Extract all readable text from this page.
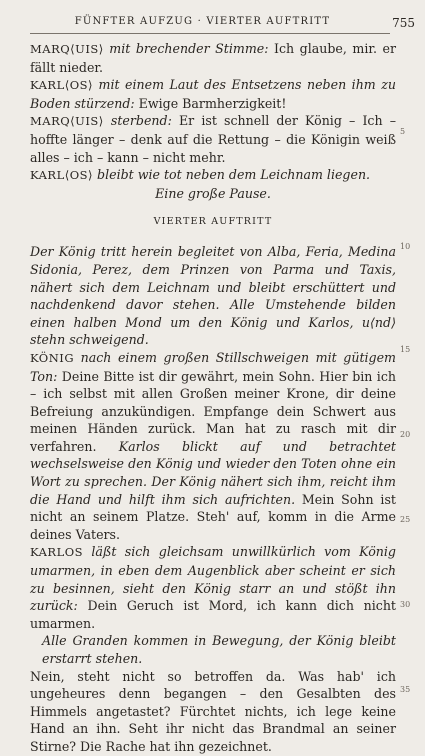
FÜNFTER AUFZUG · VIERTER AUFTRITT	755

MARQ⟨UIS⟩ mit brechender Stimme: Ich glaube, mir. er fällt nieder.

KARL⟨OS⟩ mit einem Laut des Entsetzens neben ihm zu Boden stürzend: Ewige Barmherzigkeit!

MARQ⟨UIS⟩ sterbend: Er ist schnell der König – Ich – hoffte länger – denk auf die Rettung – die Königin weiß alles – ich – kann – nicht mehr.

KARL⟨OS⟩ bleibt wie tot neben dem Leichnam liegen.

Eine große Pause.

VIERTER AUFTRITT

Der König tritt herein begleitet von Alba, Feria, Medina Sidonia, Perez, dem Prinzen von Parma und Taxis, nähert sich dem Leichnam und bleibt erschüttert und nachdenkend davor stehen. Alle Umstehende bilden einen halben Mond um den König und Karlos, u⟨nd⟩ stehn schweigend.

KÖNIG nach einem großen Stillschweigen mit gütigem Ton: Deine Bitte ist dir gewährt, mein Sohn. Hier bin ich – ich selbst mit allen Großen meiner Krone, dir deine Befreiung anzukündigen. Empfange dein Schwert aus meinen Händen zurück. Man hat zu rasch mit dir verfahren. Karlos blickt auf und betrachtet wechselsweise den König und wieder den Toten ohne ein Wort zu sprechen. Der König nähert sich ihm, reicht ihm die Hand und hilft ihm sich aufrichten. Mein Sohn ist nicht an seinem Platze. Steh' auf, komm in die Arme deines Vaters.

KARLOS läßt sich gleichsam unwillkürlich vom König umarmen, in eben dem Augenblick aber scheint er sich zu besinnen, sieht den König starr an und stößt ihn zurück: Dein Geruch ist Mord, ich kann dich nicht umarmen.

Alle Granden kommen in Bewegung, der König bleibt erstarrt stehen.

Nein, steht nicht so betroffen da. Was hab' ich ungeheures denn begangen – den Gesalbten des Himmels angetastet? Fürchtet nichts, ich lege keine Hand an ihn. Seht ihr nicht das Brandmal an seiner Stirne? Die Rache hat ihn gezeichnet.

5
10
15
20
25
30
35
